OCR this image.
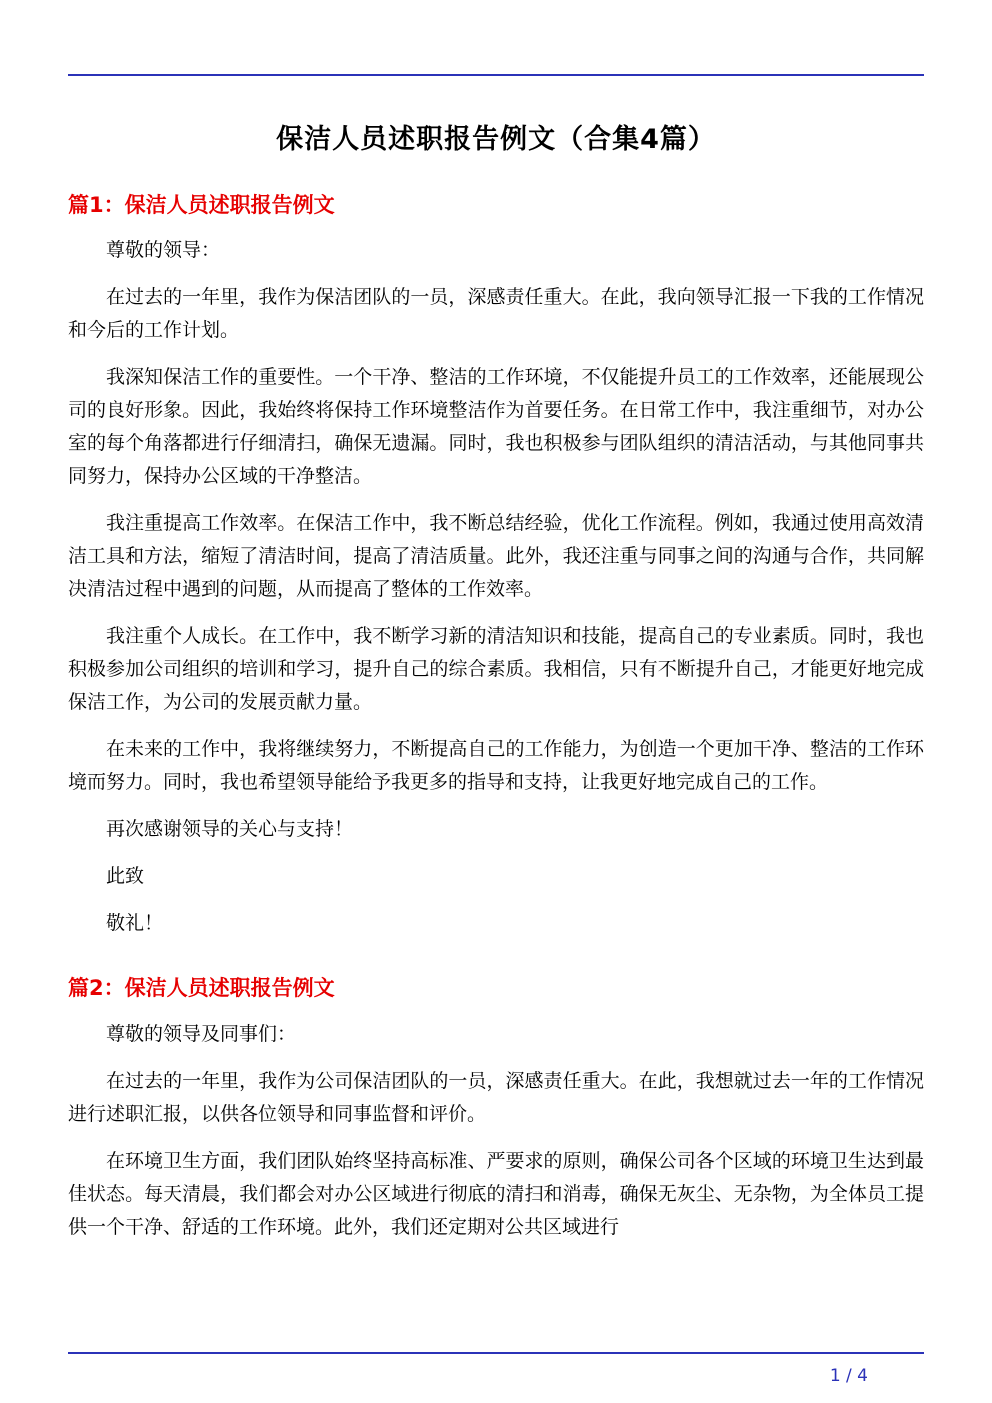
保洁人员述职报告例文（合集4篇）
篇1：保洁人员述职报告例文

尊敬的领导：

在过去的一年里，我作为保洁团队的一员，深感责任重大。在此，我向领导汇报一下我的工作情况和今后的工作计划。

我深知保洁工作的重要性。一个干净、整洁的工作环境，不仅能提升员工的工作效率，还能展现公司的良好形象。因此，我始终将保持工作环境整洁作为首要任务。在日常工作中，我注重细节，对办公室的每个角落都进行仔细清扫，确保无遗漏。同时，我也积极参与团队组织的清洁活动，与其他同事共同努力，保持办公区域的干净整洁。

我注重提高工作效率。在保洁工作中，我不断总结经验，优化工作流程。例如，我通过使用高效清洁工具和方法，缩短了清洁时间，提高了清洁质量。此外，我还注重与同事之间的沟通与合作，共同解决清洁过程中遇到的问题，从而提高了整体的工作效率。

我注重个人成长。在工作中，我不断学习新的清洁知识和技能，提高自己的专业素质。同时，我也积极参加公司组织的培训和学习，提升自己的综合素质。我相信，只有不断提升自己，才能更好地完成保洁工作，为公司的发展贡献力量。

在未来的工作中，我将继续努力，不断提高自己的工作能力，为创造一个更加干净、整洁的工作环境而努力。同时，我也希望领导能给予我更多的指导和支持，让我更好地完成自己的工作。

再次感谢领导的关心与支持！

此致

敬礼！

篇2：保洁人员述职报告例文

尊敬的领导及同事们：

在过去的一年里，我作为公司保洁团队的一员，深感责任重大。在此，我想就过去一年的工作情况进行述职汇报，以供各位领导和同事监督和评价。

在环境卫生方面，我们团队始终坚持高标准、严要求的原则，确保公司各个区域的环境卫生达到最佳状态。每天清晨，我们都会对办公区域进行彻底的清扫和消毒，确保无灰尘、无杂物，为全体员工提供一个干净、舒适的工作环境。此外，我们还定期对公共区域进行

1 / 4
